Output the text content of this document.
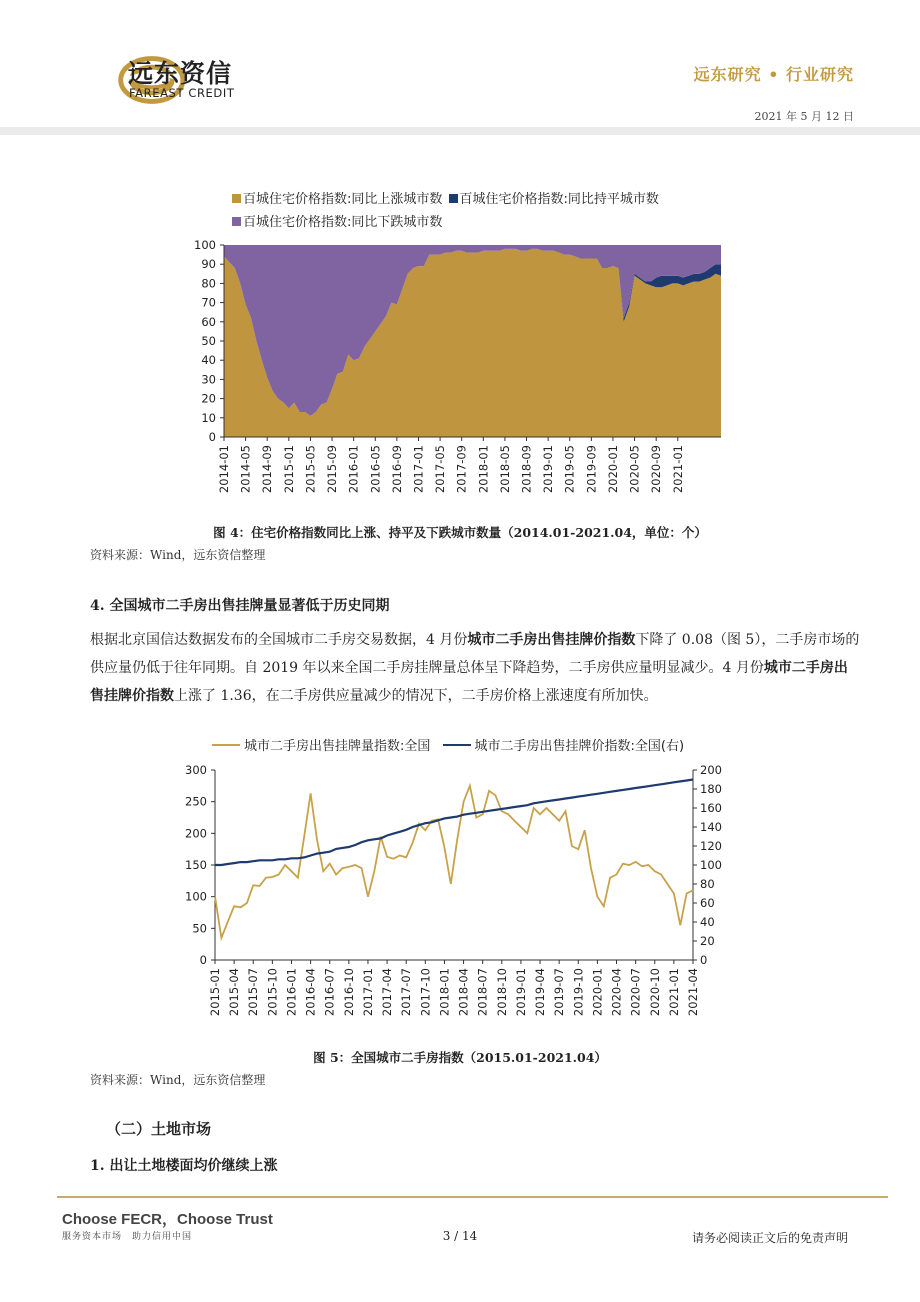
远东资信
FAREAST CREDIT
远东研究 • 行业研究
2021 年 5 月 12 日
百城住宅价格指数:同比上涨城市数 百城住宅价格指数:同比持平城市数
百城住宅价格指数:同比下跌城市数
0
10
20
30
40
50
60
70
80
90
100
2014-01 2014-05 2014-09 2015-01 2015-05 2015-09 2016-01 2016-05 2016-09 2017-01 2017-05 2017-09 2018-01 2018-05 2018-09 2019-01 2019-05 2019-09 2020-01 2020-05 2020-09 2021-01
图 4：住宅价格指数同比上涨、持平及下跌城市数量（2014.01-2021.04，单位：个）
资料来源：Wind，远东资信整理
4. 全国城市二手房出售挂牌量显著低于历史同期
根据北京国信达数据发布的全国城市二手房交易数据，4 月份城市二手房出售挂牌价指数下降了 0.08（图 5），二手房市场的供应量仍低于往年同期。自 2019 年以来全国二手房挂牌量总体呈下降趋势，二手房供应量明显减少。4 月份城市二手房出售挂牌价指数上涨了 1.36，在二手房供应量减少的情况下，二手房价格上涨速度有所加快。
城市二手房出售挂牌量指数:全国	城市二手房出售挂牌价指数:全国(右)
0
50
100
150
200
250
300
0
20
40
60
80
100
120
140
160
180
200
2015-01 2015-04 2015-07 2015-10 2016-01 2016-04 2016-07 2016-10 2017-01 2017-04 2017-07 2017-10 2018-01 2018-04 2018-07 2018-10 2019-01 2019-04 2019-07 2019-10 2020-01 2020-04 2020-07 2020-10 2021-01 2021-04
图 5：全国城市二手房指数（2015.01-2021.04）
资料来源：Wind，远东资信整理
（二）土地市场
1. 出让土地楼面均价继续上涨
Choose FECR，Choose Trust
服务资本市场　助力信用中国	3 / 14	请务必阅读正文后的免责声明
